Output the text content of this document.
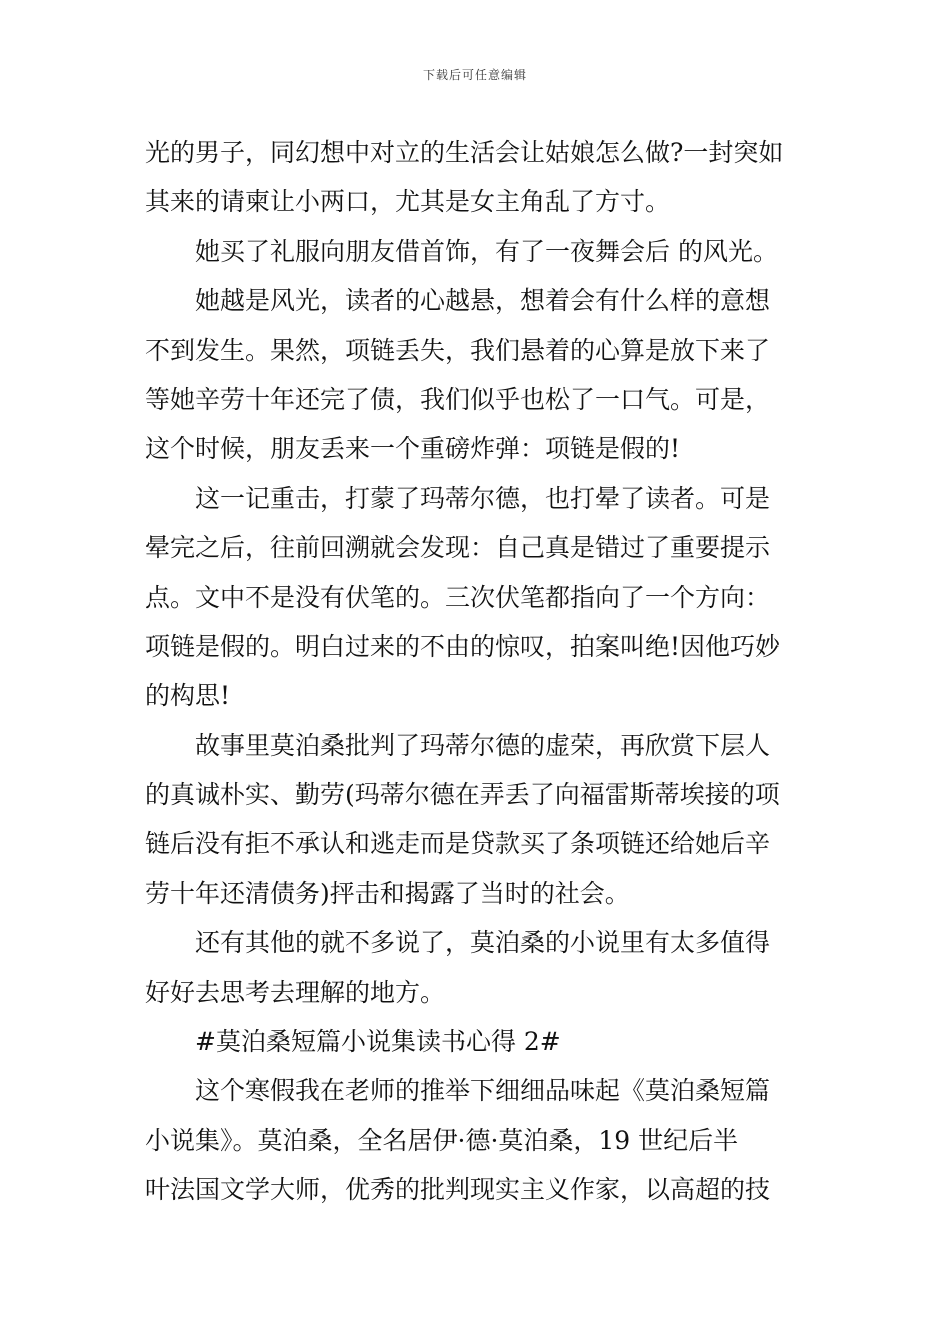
下载后可任意编辑
光的男子，同幻想中对立的生活会让姑娘怎么做?一封突如
其来的请柬让小两口，尤其是女主角乱了方寸。
她买了礼服向朋友借首饰，有了一夜舞会后 的风光。
她越是风光，读者的心越悬，想着会有什么样的意想
不到发生。果然，项链丢失，我们悬着的心算是放下来了
等她辛劳十年还完了债，我们似乎也松了一口气。可是，
这个时候，朋友丢来一个重磅炸弹：项链是假的!
这一记重击，打蒙了玛蒂尔德，也打晕了读者。可是
晕完之后，往前回溯就会发现：自己真是错过了重要提示
点。文中不是没有伏笔的。三次伏笔都指向了一个方向：
项链是假的。明白过来的不由的惊叹，拍案叫绝!因他巧妙
的构思!
故事里莫泊桑批判了玛蒂尔德的虚荣，再欣赏下层人
的真诚朴实、勤劳(玛蒂尔德在弄丢了向福雷斯蒂埃接的项
链后没有拒不承认和逃走而是贷款买了条项链还给她后辛
劳十年还清债务)抨击和揭露了当时的社会。
还有其他的就不多说了，莫泊桑的小说里有太多值得
好好去思考去理解的地方。
#莫泊桑短篇小说集读书心得 2#
这个寒假我在老师的推举下细细品味起《莫泊桑短篇
小说集》。莫泊桑，全名居伊·德·莫泊桑，19 世纪后半
叶法国文学大师，优秀的批判现实主义作家，以高超的技
